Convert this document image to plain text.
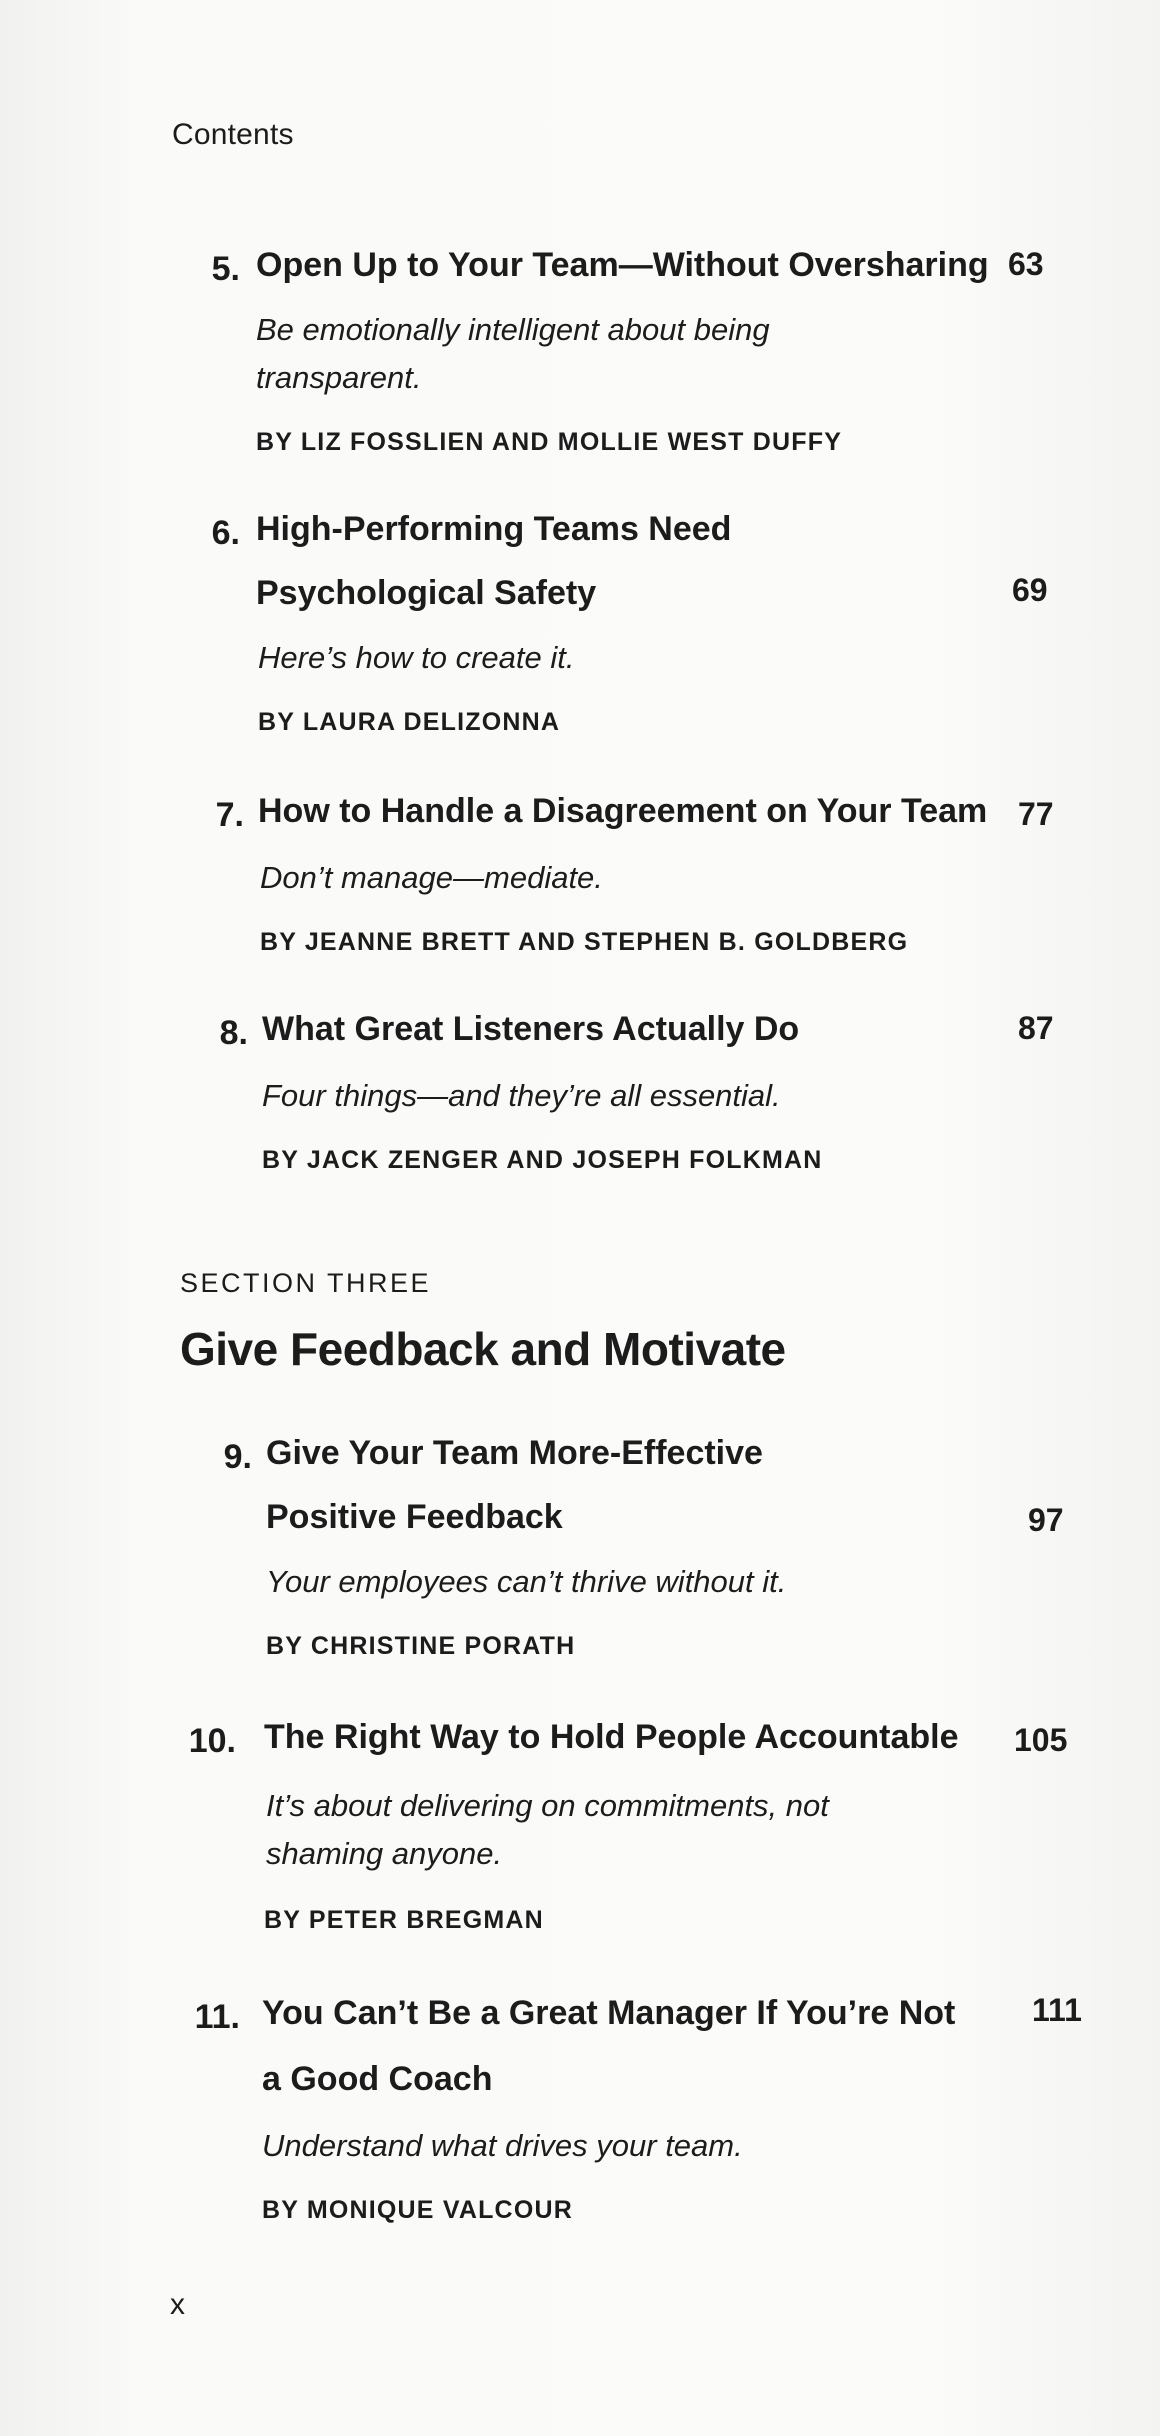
Contents
5. Open Up to Your Team—Without Oversharing 63
Be emotionally intelligent about being
transparent.
BY LIZ FOSSLIEN AND MOLLIE WEST DUFFY
6. High-Performing Teams Need
Psychological Safety	69
Here’s how to create it.
BY LAURA DELIZONNA
7. How to Handle a Disagreement on Your Team 77
Don’t manage—mediate.
BY JEANNE BRETT AND STEPHEN B. GOLDBERG
8. What Great Listeners Actually Do	87
Four things—and they’re all essential.
BY JACK ZENGER AND JOSEPH FOLKMAN
SECTION THREE
Give Feedback and Motivate
9. Give Your Team More-Effective
Positive Feedback	97
Your employees can’t thrive without it.
BY CHRISTINE PORATH
10. The Right Way to Hold People Accountable 105
It’s about delivering on commitments, not
shaming anyone.
BY PETER BREGMAN
11. You Can’t Be a Great Manager If You’re Not
a Good Coach
111
Understand what drives your team.
BY MONIQUE VALCOUR
x
